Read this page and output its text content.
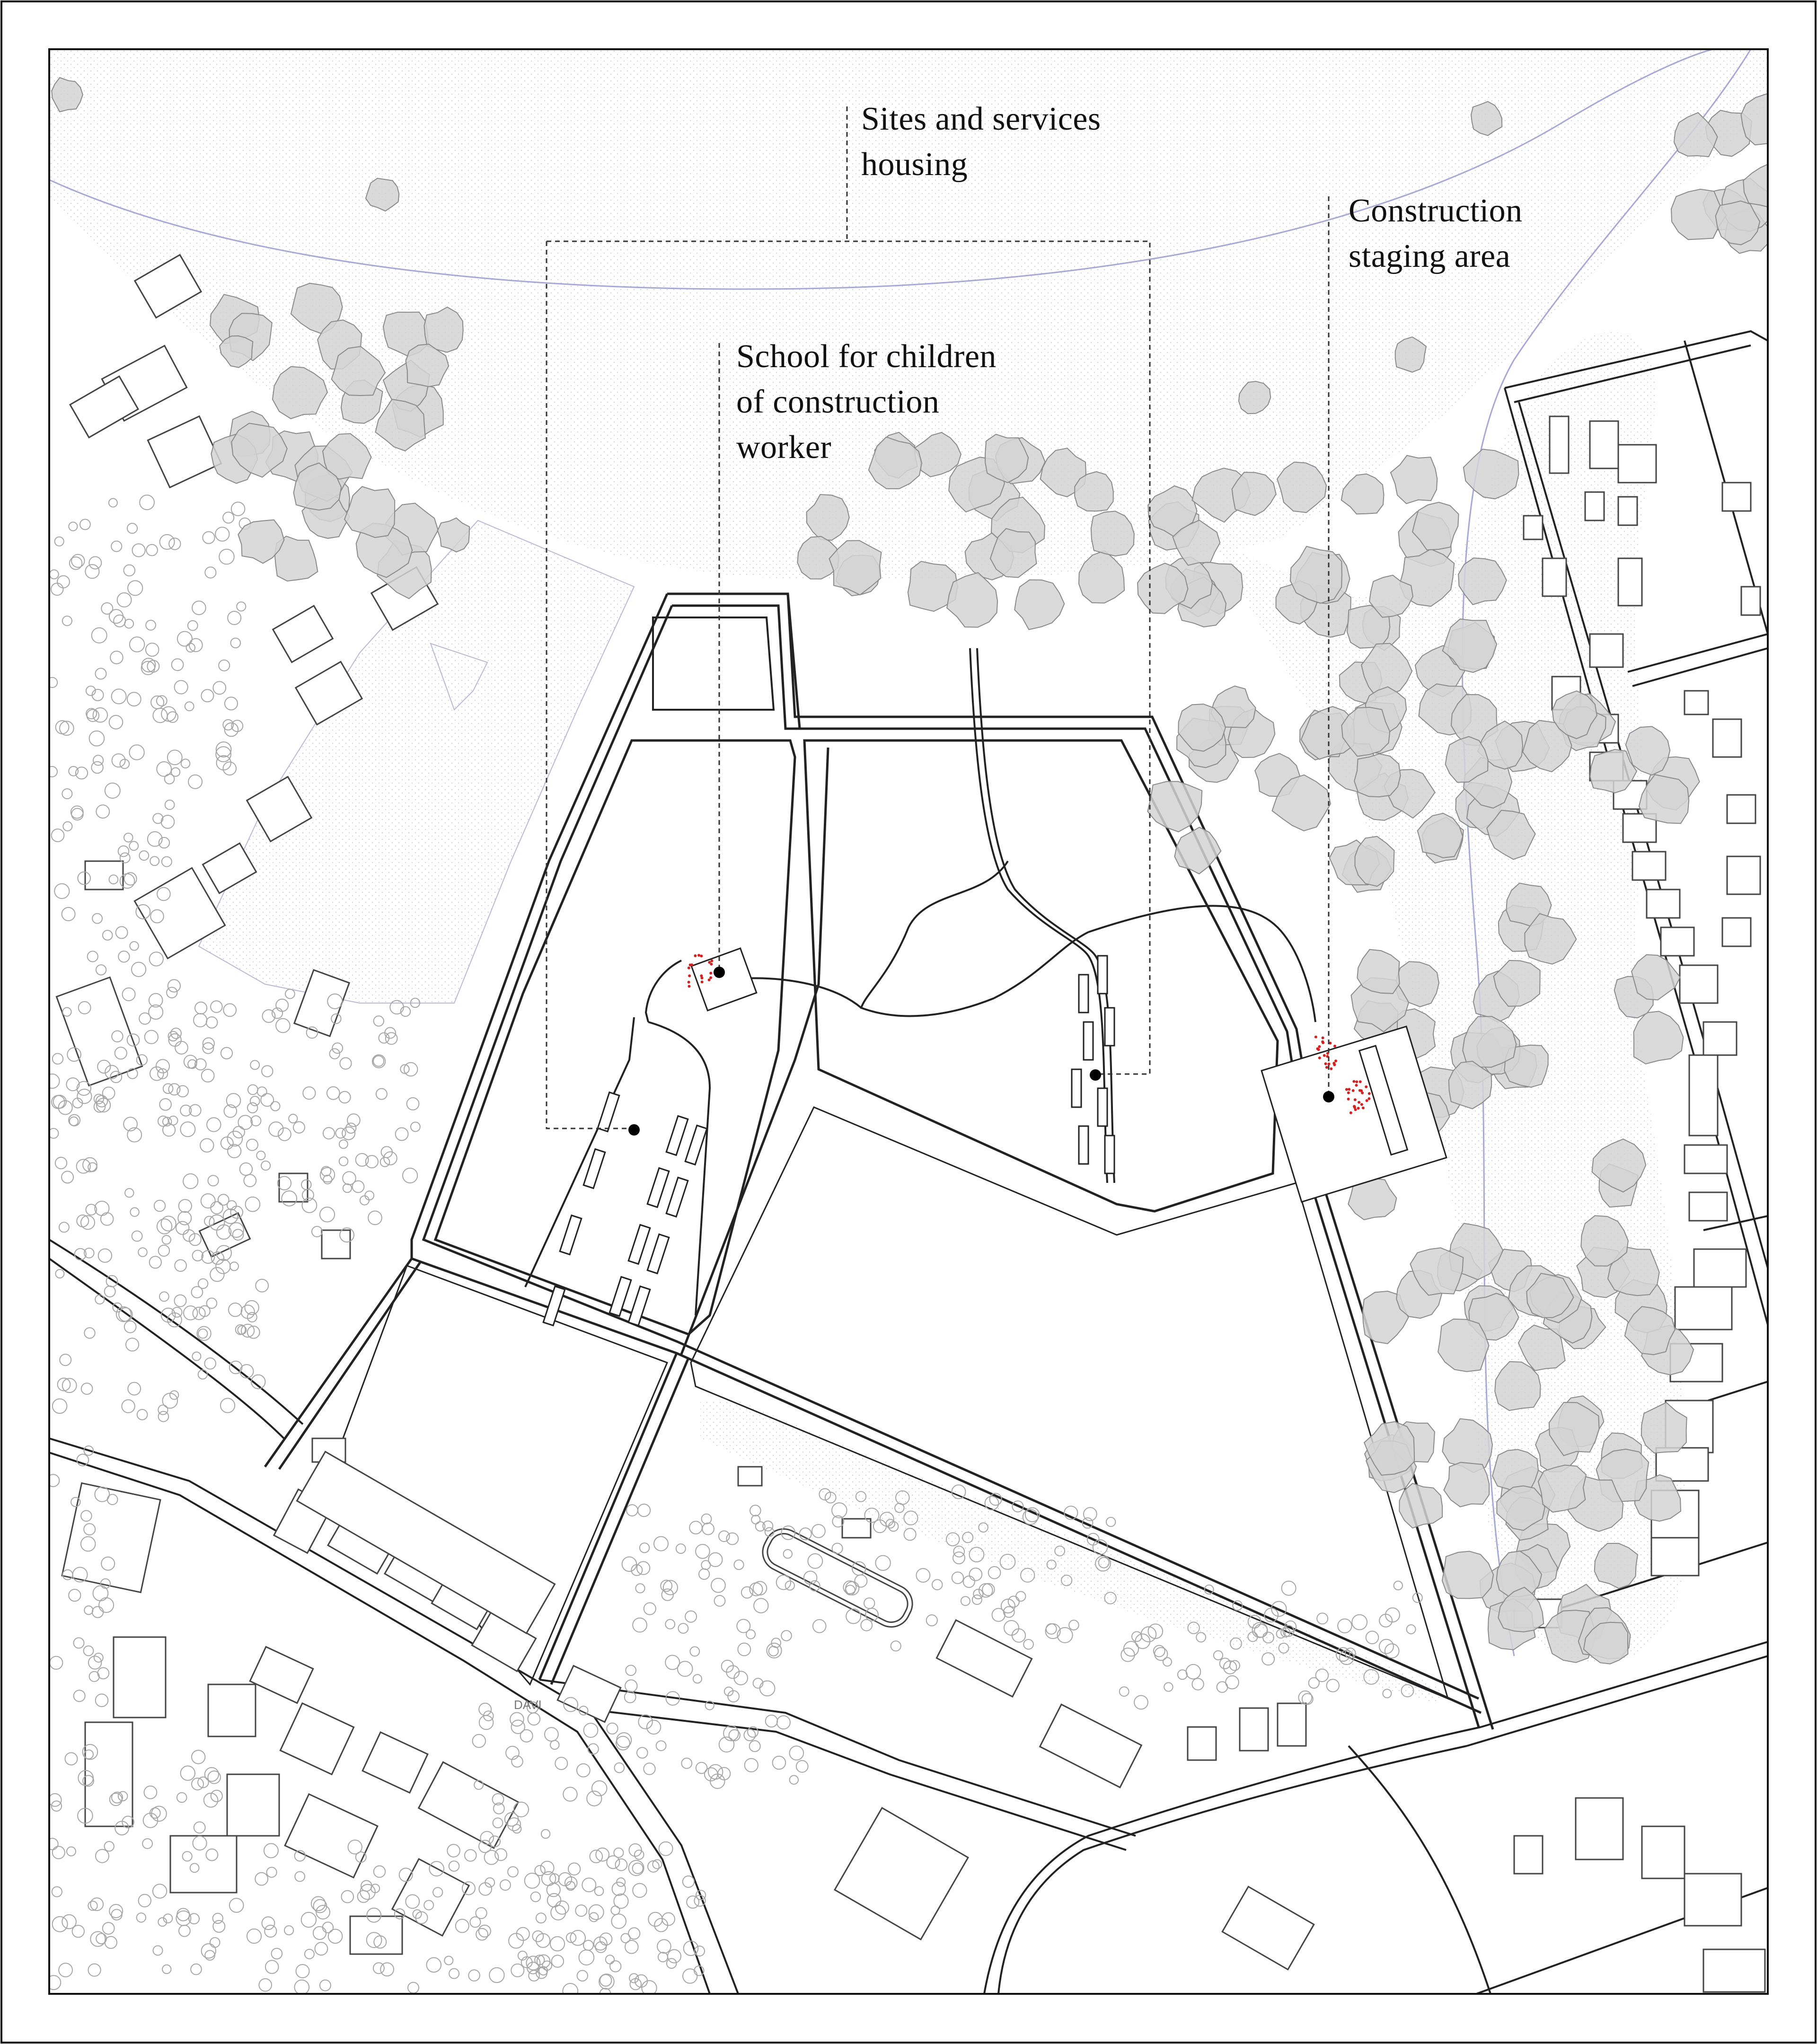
Sites and services
housing
School for children
of construction
worker
Construction
staging area
DAVI
